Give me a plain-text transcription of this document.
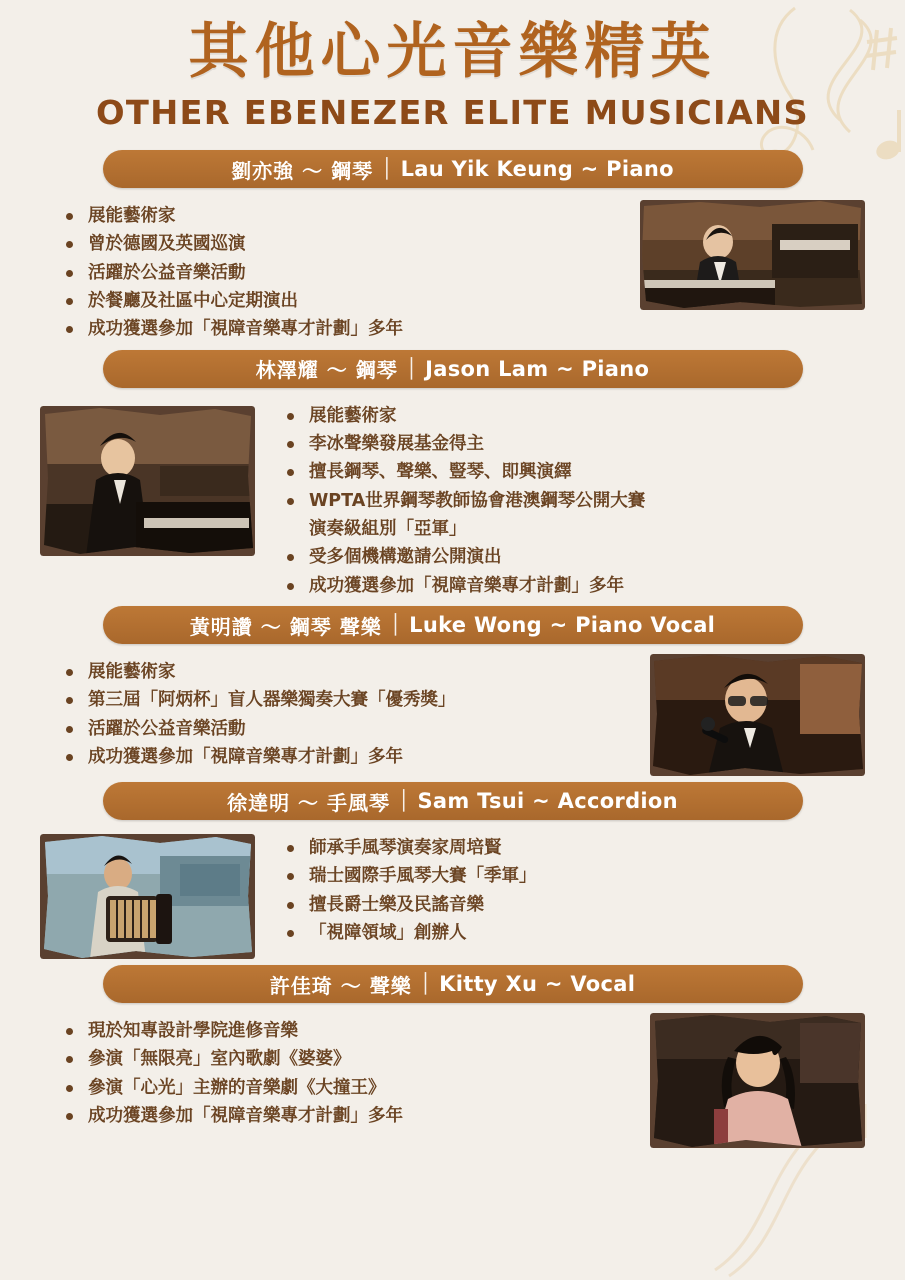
其他心光音樂精英
OTHER EBENEZER ELITE MUSICIANS
劉亦強 〜 鋼琴 │ Lau Yik Keung ~ Piano
展能藝術家
曾於德國及英國巡演
活躍於公益音樂活動
於餐廳及社區中心定期演出
成功獲選參加「視障音樂專才計劃」多年
林澤耀 〜 鋼琴 │ Jason Lam ~ Piano
展能藝術家
李冰聲樂發展基金得主
擅長鋼琴、聲樂、豎琴、即興演繹
WPTA世界鋼琴教師協會港澳鋼琴公開大賽
演奏級組別「亞軍」
受多個機構邀請公開演出
成功獲選參加「視障音樂專才計劃」多年
黃明讚 〜 鋼琴 聲樂 │ Luke Wong ~ Piano Vocal
展能藝術家
第三屆「阿炳杯」盲人器樂獨奏大賽「優秀獎」
活躍於公益音樂活動
成功獲選參加「視障音樂專才計劃」多年
徐達明 〜 手風琴 │ Sam Tsui ~ Accordion
師承手風琴演奏家周培賢
瑞士國際手風琴大賽「季軍」
擅長爵士樂及民謠音樂
「視障領域」創辦人
許佳琦 〜 聲樂 │ Kitty Xu ~ Vocal
現於知專設計學院進修音樂
參演「無限亮」室內歌劇《婆婆》
參演「心光」主辦的音樂劇《大撞王》
成功獲選參加「視障音樂專才計劃」多年
